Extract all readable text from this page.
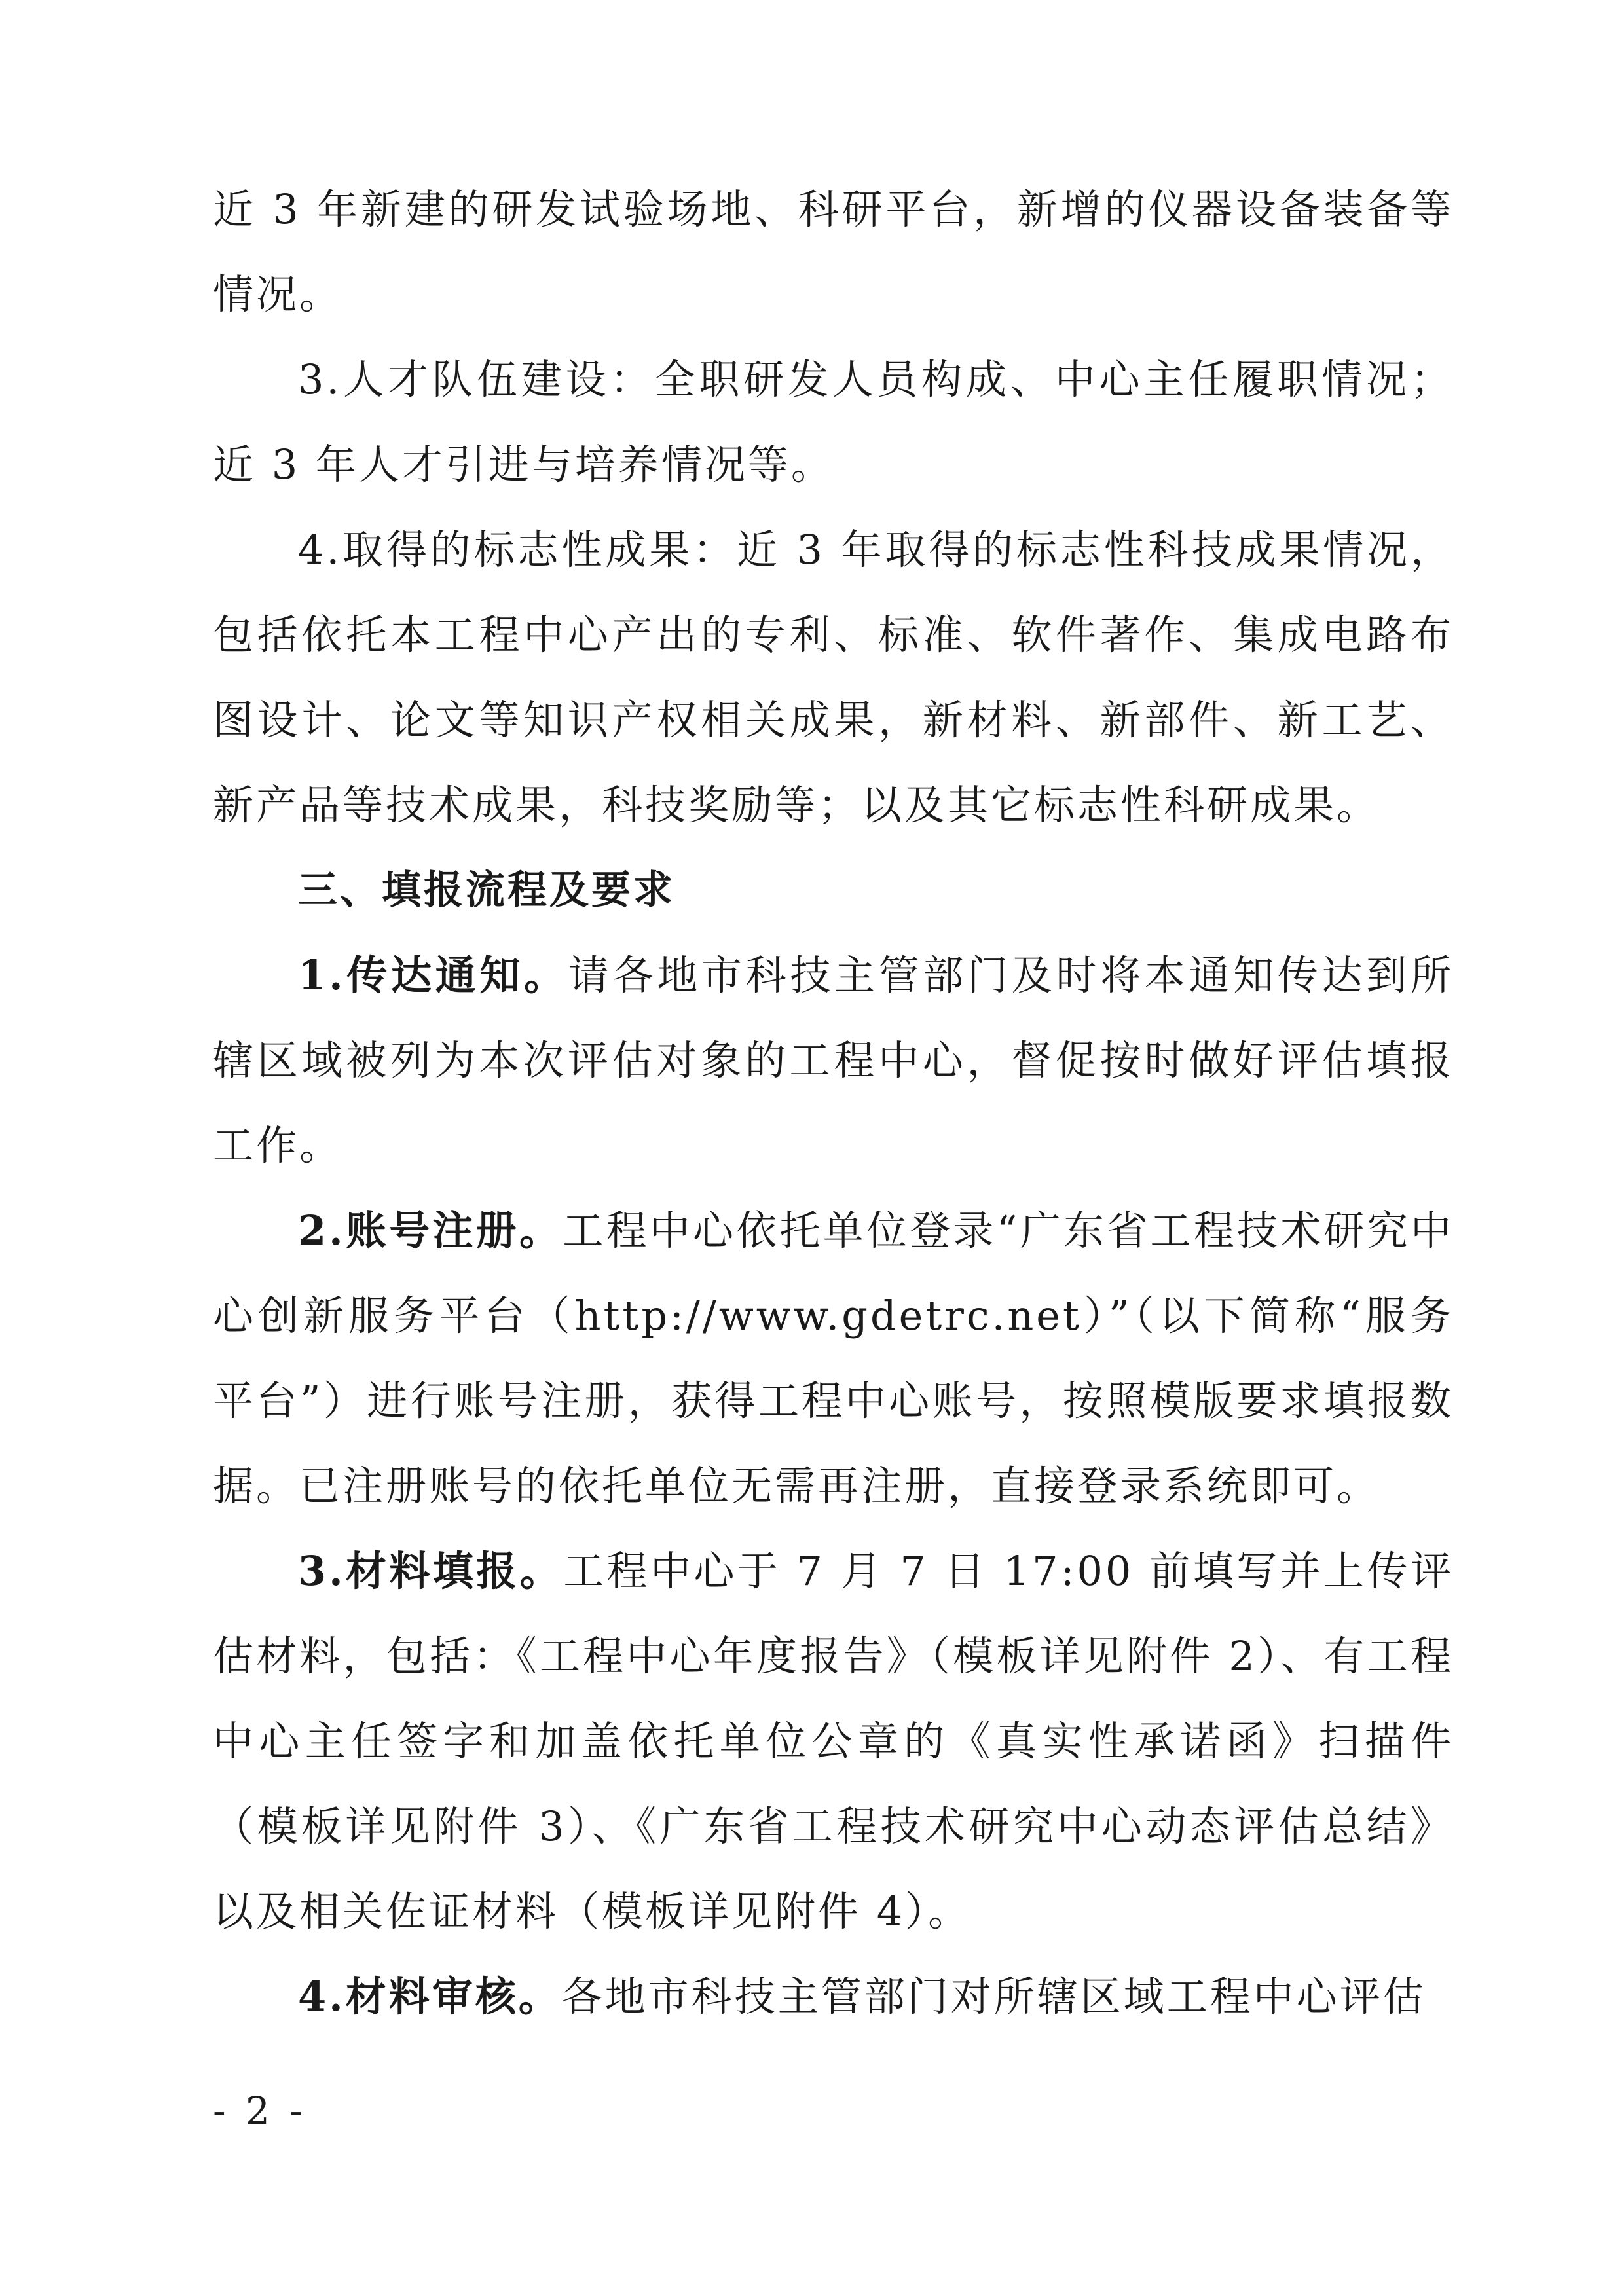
近 3 年新建的研发试验场地、科研平台，新增的仪器设备装备等情况。

3.人才队伍建设：全职研发人员构成、中心主任履职情况；近 3 年人才引进与培养情况等。

4.取得的标志性成果：近 3 年取得的标志性科技成果情况，包括依托本工程中心产出的专利、标准、软件著作、集成电路布图设计、论文等知识产权相关成果，新材料、新部件、新工艺、新产品等技术成果，科技奖励等；以及其它标志性科研成果。

三、填报流程及要求

1.传达通知。请各地市科技主管部门及时将本通知传达到所辖区域被列为本次评估对象的工程中心，督促按时做好评估填报工作。

2.账号注册。工程中心依托单位登录“广东省工程技术研究中心创新服务平台（http://www.gdetrc.net）”（以下简称“服务平台”）进行账号注册，获得工程中心账号，按照模版要求填报数据。已注册账号的依托单位无需再注册，直接登录系统即可。

3.材料填报。工程中心于 7 月 7 日 17:00 前填写并上传评估材料，包括：《工程中心年度报告》（模板详见附件 2）、有工程中心主任签字和加盖依托单位公章的《真实性承诺函》扫描件（模板详见附件 3）、《广东省工程技术研究中心动态评估总结》以及相关佐证材料（模板详见附件 4）。

4.材料审核。各地市科技主管部门对所辖区域工程中心评估

- 2 -
